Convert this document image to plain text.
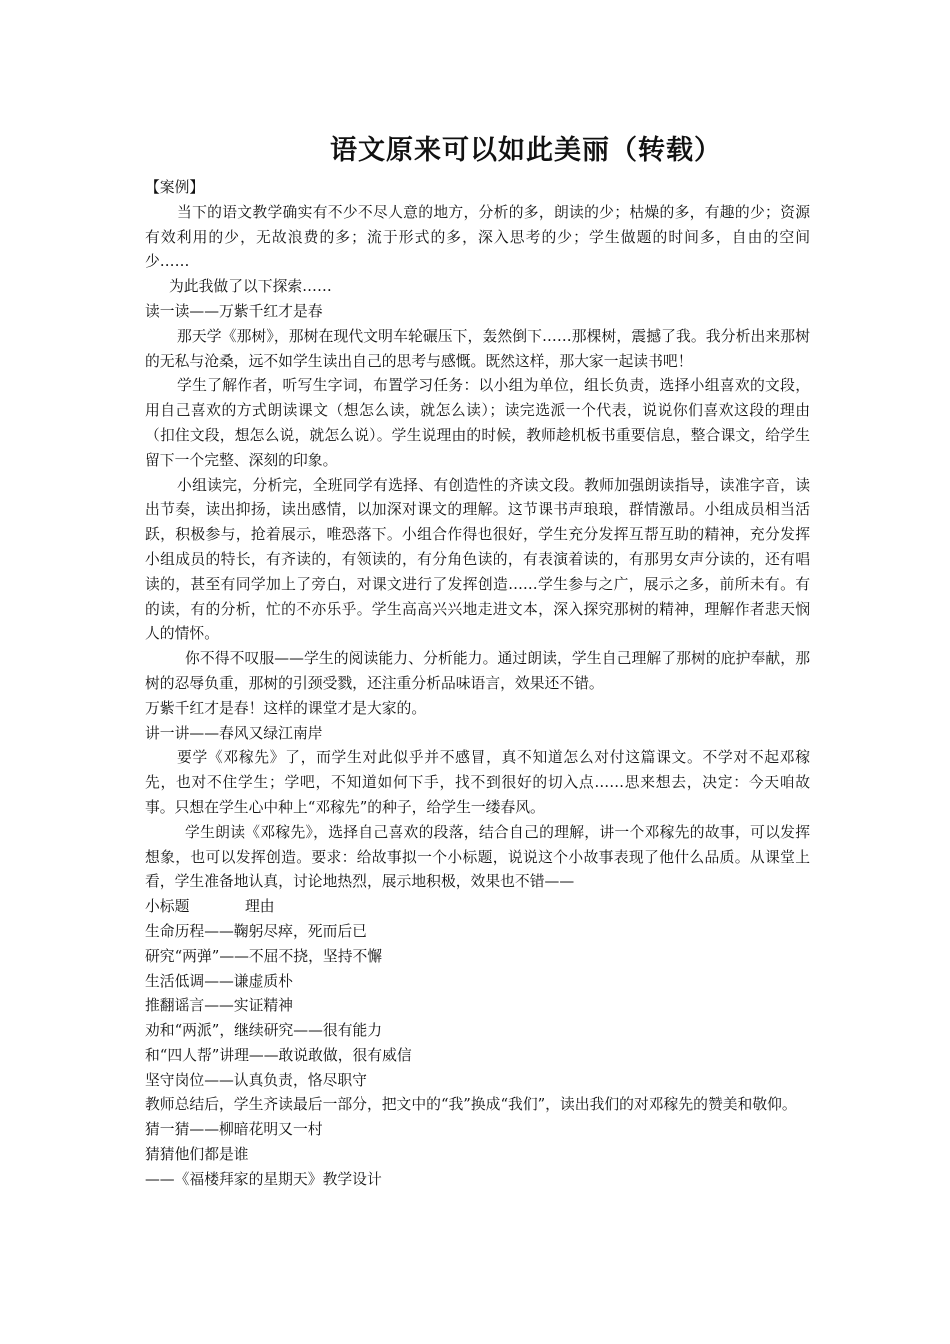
语文原来可以如此美丽（转载）

【案例】

当下的语文教学确实有不少不尽人意的地方，分析的多，朗读的少；枯燥的多，有趣的少；资源有效利用的少，无故浪费的多；流于形式的多，深入思考的少；学生做题的时间多，自由的空间少……

为此我做了以下探索……

读一读——万紫千红才是春

那天学《那树》，那树在现代文明车轮碾压下，轰然倒下……那棵树，震撼了我。我分析出来那树的无私与沧桑，远不如学生读出自己的思考与感慨。既然这样，那大家一起读书吧！

学生了解作者，听写生字词，布置学习任务：以小组为单位，组长负责，选择小组喜欢的文段，用自己喜欢的方式朗读课文（想怎么读，就怎么读）；读完选派一个代表，说说你们喜欢这段的理由（扣住文段，想怎么说，就怎么说）。学生说理由的时候，教师趁机板书重要信息，整合课文，给学生留下一个完整、深刻的印象。

小组读完，分析完，全班同学有选择、有创造性的齐读文段。教师加强朗读指导，读准字音，读出节奏，读出抑扬，读出感情，以加深对课文的理解。这节课书声琅琅，群情激昂。小组成员相当活跃，积极参与，抢着展示，唯恐落下。小组合作得也很好，学生充分发挥互帮互助的精神，充分发挥小组成员的特长，有齐读的，有领读的，有分角色读的，有表演着读的，有那男女声分读的，还有唱读的，甚至有同学加上了旁白，对课文进行了发挥创造……学生参与之广，展示之多，前所未有。有的读，有的分析，忙的不亦乐乎。学生高高兴兴地走进文本，深入探究那树的精神，理解作者悲天悯人的情怀。

你不得不叹服——学生的阅读能力、分析能力。通过朗读，学生自己理解了那树的庇护奉献，那树的忍辱负重，那树的引颈受戮，还注重分析品味语言，效果还不错。

万紫千红才是春！这样的课堂才是大家的。

讲一讲——春风又绿江南岸

要学《邓稼先》了，而学生对此似乎并不感冒，真不知道怎么对付这篇课文。不学对不起邓稼先，也对不住学生；学吧，不知道如何下手，找不到很好的切入点……思来想去，决定：今天咱故事。只想在学生心中种上“邓稼先”的种子，给学生一缕春风。

学生朗读《邓稼先》，选择自己喜欢的段落，结合自己的理解，讲一个邓稼先的故事，可以发挥想象，也可以发挥创造。要求：给故事拟一个小标题，说说这个小故事表现了他什么品质。从课堂上看，学生准备地认真，讨论地热烈，展示地积极，效果也不错——

小标题	理由

生命历程——鞠躬尽瘁，死而后已

研究“两弹”——不屈不挠，坚持不懈

生活低调——谦虚质朴

推翻谣言——实证精神

劝和“两派”，继续研究——很有能力

和“四人帮”讲理——敢说敢做，很有威信

坚守岗位——认真负责，恪尽职守

教师总结后，学生齐读最后一部分，把文中的“我”换成“我们”，读出我们的对邓稼先的赞美和敬仰。

猜一猜——柳暗花明又一村

猜猜他们都是谁

——《福楼拜家的星期天》教学设计
